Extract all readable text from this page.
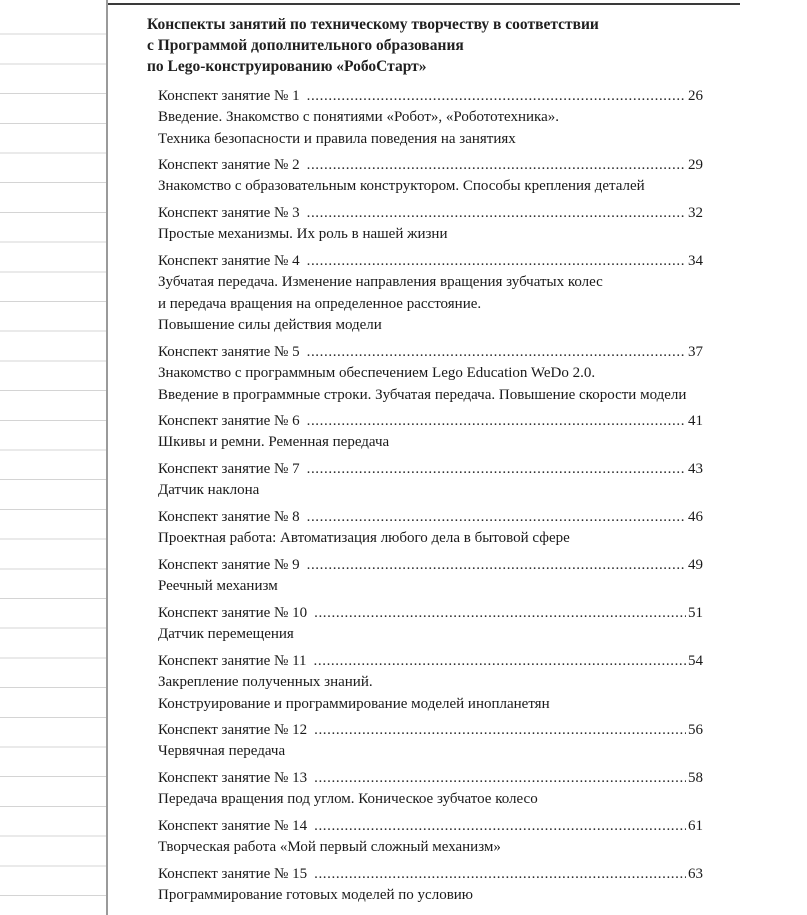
Конспекты занятий по техническому творчеству в соответствии
с Программой дополнительного образования
по Lego-конструированию «РобоСтарт»
Конспект занятие № 1 .....	26
Введение. Знакомство с понятиями «Робот», «Робототехника».
Техника безопасности и правила поведения на занятиях
Конспект занятие № 2 .....	29
Знакомство с образовательным конструктором. Способы крепления деталей
Конспект занятие № 3 .....	32
Простые механизмы. Их роль в нашей жизни
Конспект занятие № 4 .....	34
Зубчатая передача. Изменение направления вращения зубчатых колес
и передача вращения на определенное расстояние.
Повышение силы действия модели
Конспект занятие № 5 .....	37
Знакомство с программным обеспечением Lego Education WeDo 2.0.
Введение в программные строки. Зубчатая передача. Повышение скорости модели
Конспект занятие № 6 .....	41
Шкивы и ремни. Ременная передача
Конспект занятие № 7 .....	43
Датчик наклона
Конспект занятие № 8 .....	46
Проектная работа: Автоматизация любого дела в бытовой сфере
Конспект занятие № 9 .....	49
Реечный механизм
Конспект занятие № 10 .....	51
Датчик перемещения
Конспект занятие № 11 .....	54
Закрепление полученных знаний.
Конструирование и программирование моделей инопланетян
Конспект занятие № 12 .....	56
Червячная передача
Конспект занятие № 13 .....	58
Передача вращения под углом. Коническое зубчатое колесо
Конспект занятие № 14 .....	61
Творческая работа «Мой первый сложный механизм»
Конспект занятие № 15 .....	63
Программирование готовых моделей по условию
